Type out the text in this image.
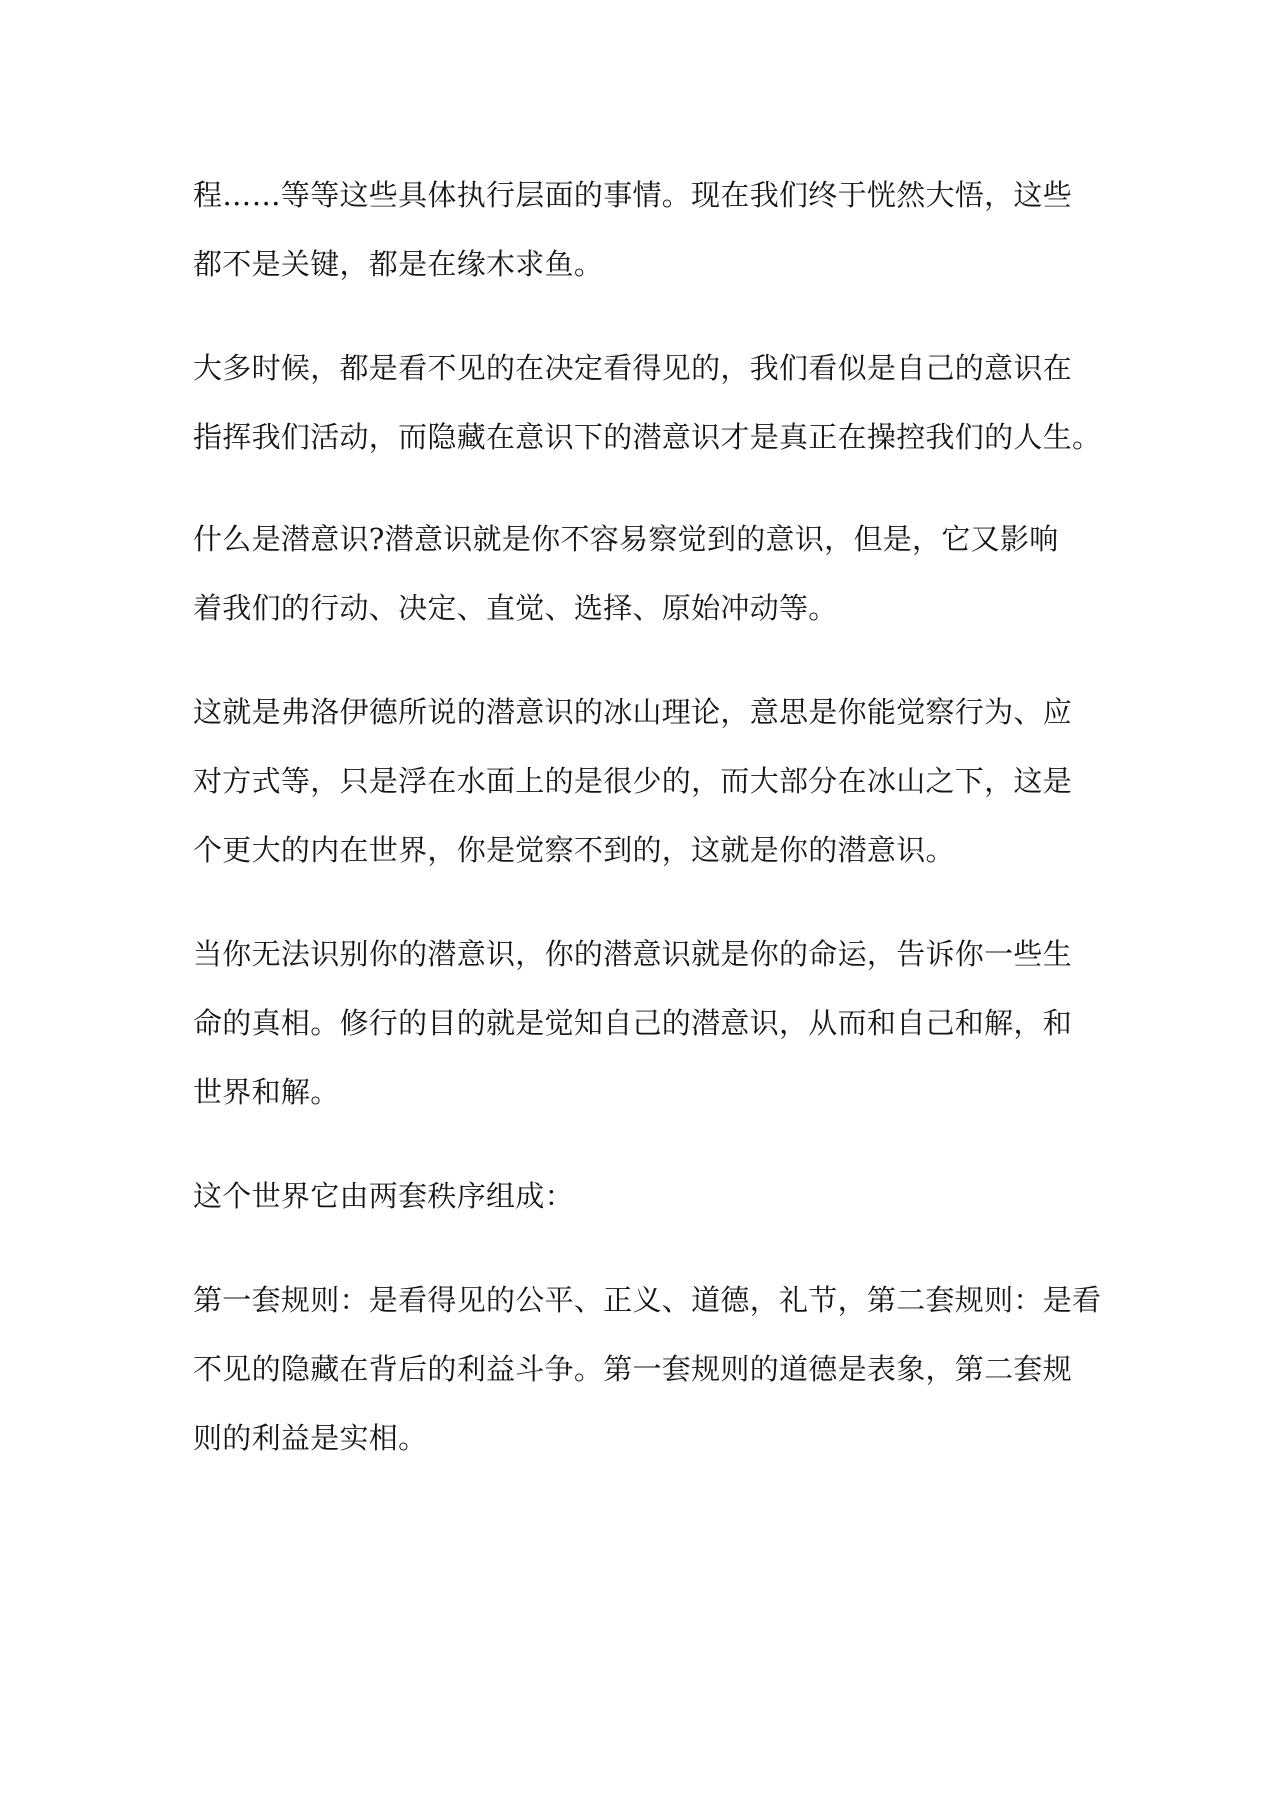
程……等等这些具体执行层面的事情。现在我们终于恍然大悟，这些
都不是关键，都是在缘木求鱼。
大多时候，都是看不见的在决定看得见的，我们看似是自己的意识在
指挥我们活动，而隐藏在意识下的潜意识才是真正在操控我们的人生。
什么是潜意识?潜意识就是你不容易察觉到的意识，但是，它又影响
着我们的行动、决定、直觉、选择、原始冲动等。
这就是弗洛伊德所说的潜意识的冰山理论，意思是你能觉察行为、应
对方式等，只是浮在水面上的是很少的，而大部分在冰山之下，这是
个更大的内在世界，你是觉察不到的，这就是你的潜意识。
当你无法识别你的潜意识，你的潜意识就是你的命运，告诉你一些生
命的真相。修行的目的就是觉知自己的潜意识，从而和自己和解，和
世界和解。
这个世界它由两套秩序组成：
第一套规则：是看得见的公平、正义、道德，礼节，第二套规则：是看
不见的隐藏在背后的利益斗争。第一套规则的道德是表象，第二套规
则的利益是实相。
